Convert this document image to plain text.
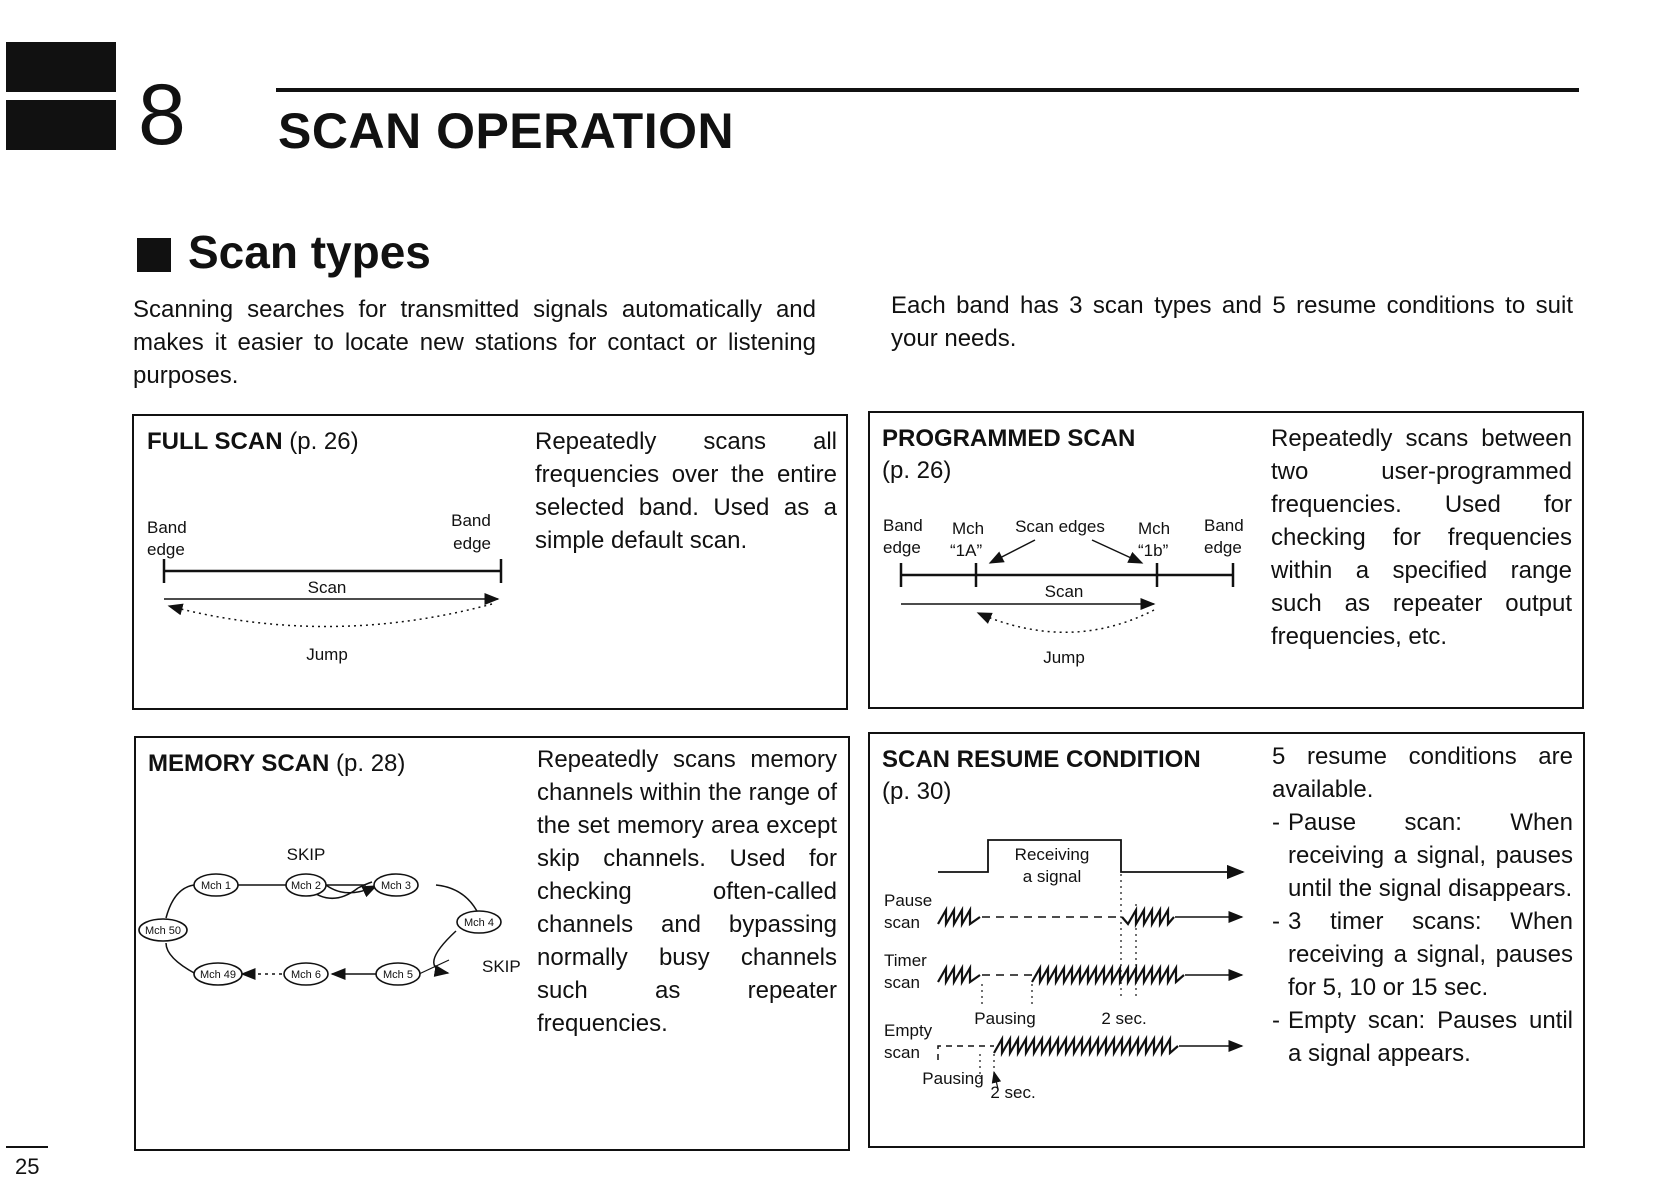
8 SCAN OPERATION
Scan types
Scanning searches for transmitted signals automatically and makes it easier to locate new stations for contact or listening purposes.
Each band has 3 scan types and 5 resume conditions to suit your needs.
FULL SCAN (p. 26)	Repeatedly scans all frequencies over the entire selected band. Used as a simple default scan.
Band
edge
Band
edge
Scan
Jump
PROGRAMMED SCAN
(p. 26)
Repeatedly scans between two user-programmed frequencies. Used for checking for frequencies within a specified range such as repeater output frequencies, etc.
Band
edge
Mch
“1A”
Scan edges Mch
“1b”
Band
edge
Scan
Jump
MEMORY SCAN (p. 28)	Repeatedly scans memory channels within the range of the set memory area except skip channels. Used for checking often-called channels and bypassing normally busy channels such as repeater frequencies.
Mch 1	Mch 2	Mch 3
Mch 4
Mch 5
Mch 6
Mch 49
Mch 50
SKIP
SKIP
SCAN RESUME CONDITION
(p. 30)
5 resume conditions are available.
- Pause scan: When receiving a signal, pauses until the signal disappears.
- 3 timer scans: When receiving a signal, pauses for 5, 10 or 15 sec.
- Empty scan: Pauses until a signal appears.
Receiving
a signal
Pause
scan
Timer
scan
Pausing	2 sec.
Empty
scan
Pausing
2 sec.
25
